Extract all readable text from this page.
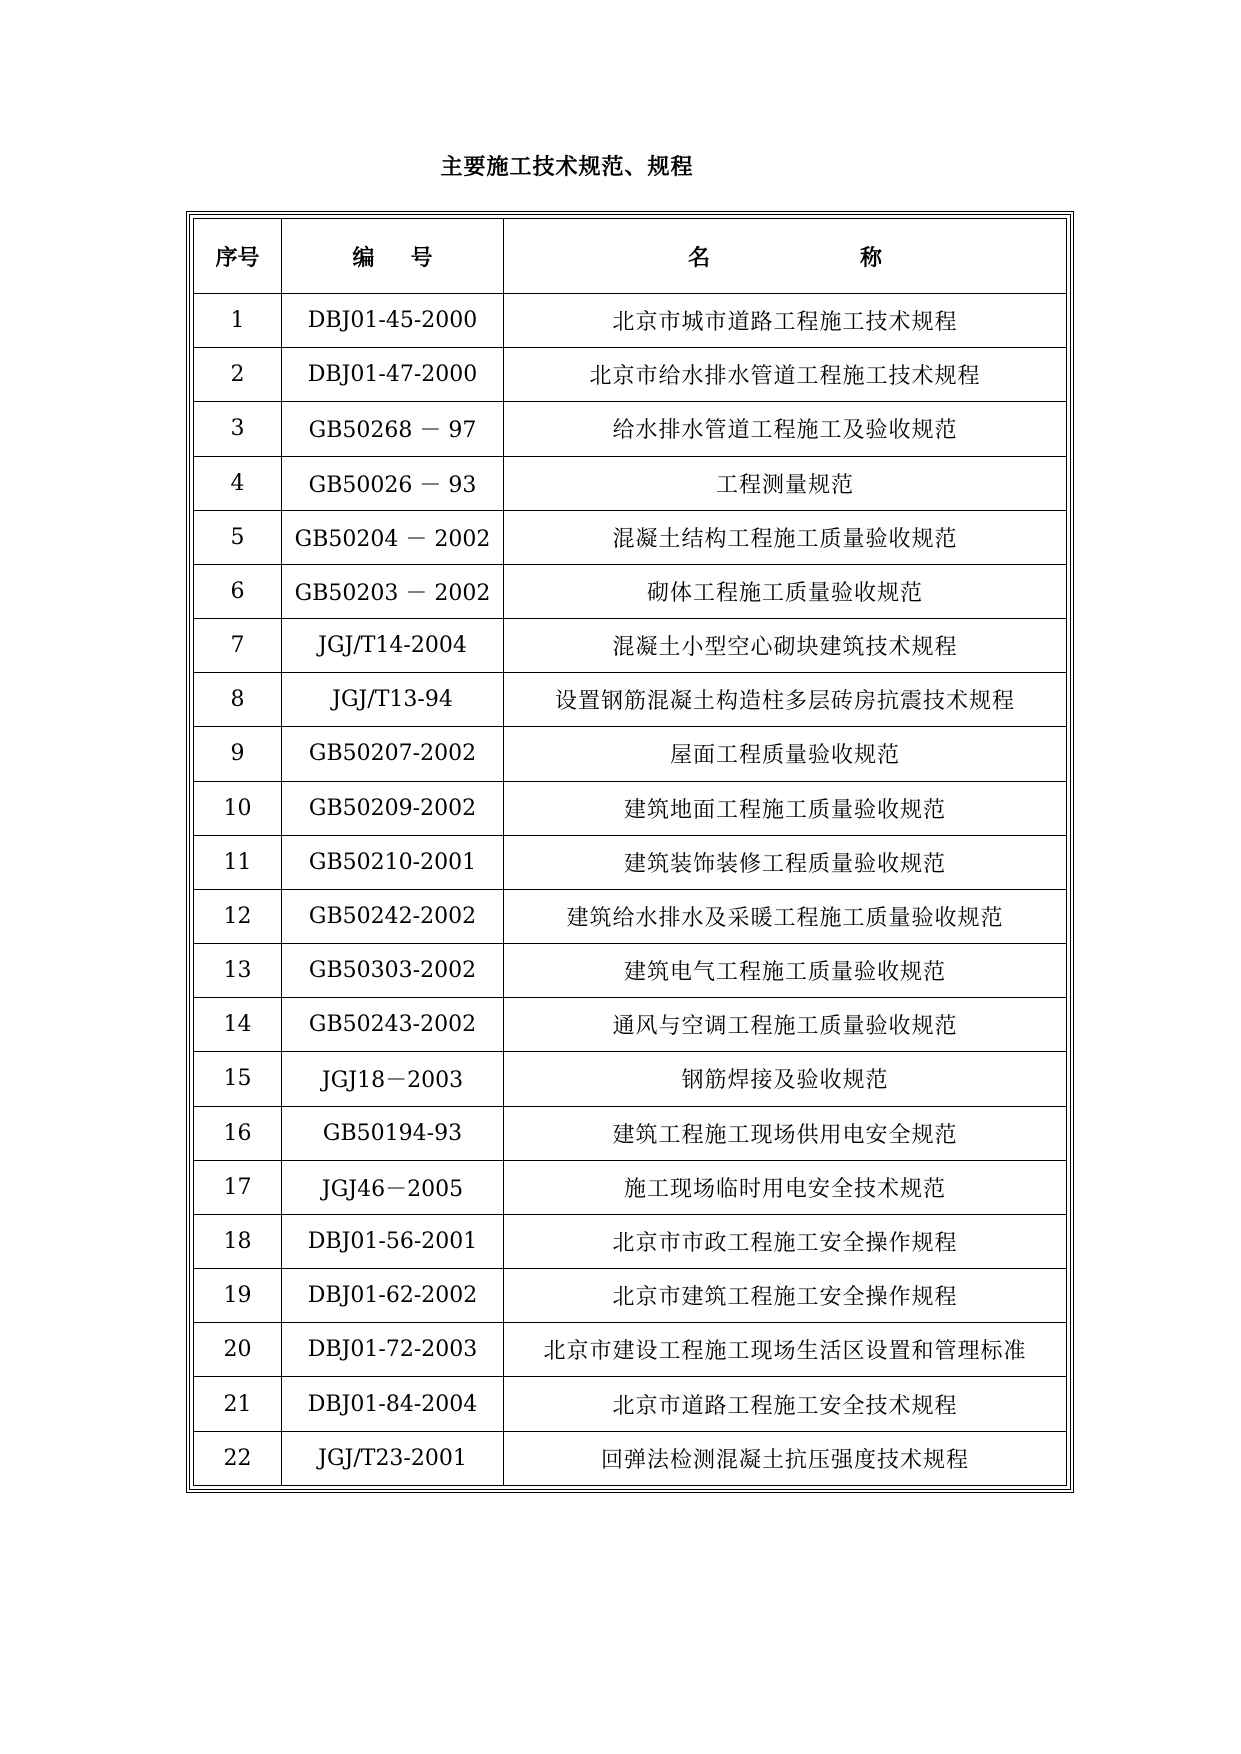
主要施工技术规范、规程
序号	编号	名称
1	DBJ01-45-2000	北京市城市道路工程施工技术规程
2	DBJ01-47-2000	北京市给水排水管道工程施工技术规程
3	GB50268 － 97	给水排水管道工程施工及验收规范
4	GB50026 － 93	工程测量规范
5	GB50204 － 2002	混凝土结构工程施工质量验收规范
6	GB50203 － 2002	砌体工程施工质量验收规范
7	JGJ/T14-2004	混凝土小型空心砌块建筑技术规程
8	JGJ/T13-94	设置钢筋混凝土构造柱多层砖房抗震技术规程
9	GB50207-2002	屋面工程质量验收规范
10	GB50209-2002	建筑地面工程施工质量验收规范
11	GB50210-2001	建筑装饰装修工程质量验收规范
12	GB50242-2002	建筑给水排水及采暖工程施工质量验收规范
13	GB50303-2002	建筑电气工程施工质量验收规范
14	GB50243-2002	通风与空调工程施工质量验收规范
15	JGJ18－2003	钢筋焊接及验收规范
16	GB50194-93	建筑工程施工现场供用电安全规范
17	JGJ46－2005	施工现场临时用电安全技术规范
18	DBJ01-56-2001	北京市市政工程施工安全操作规程
19	DBJ01-62-2002	北京市建筑工程施工安全操作规程
20	DBJ01-72-2003	北京市建设工程施工现场生活区设置和管理标准
21	DBJ01-84-2004	北京市道路工程施工安全技术规程
22	JGJ/T23-2001	回弹法检测混凝土抗压强度技术规程
